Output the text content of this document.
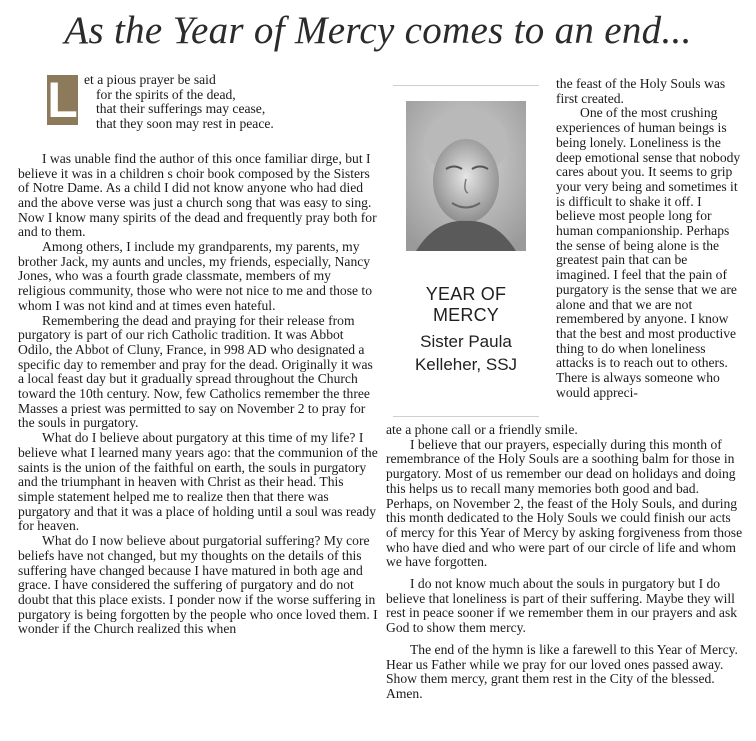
As the Year of Mercy comes to an end...
L et a pious prayer be said
for the spirits of the dead,
that their sufferings may cease,
that they soon may rest in peace.

I was unable find the author of this once familiar dirge, but I believe it was in a children s choir book composed by the Sisters of Notre Dame. As a child I did not know anyone who had died and the above verse was just a church song that was easy to sing. Now I know many spirits of the dead and frequently pray both for and to them.

Among others, I include my grandparents, my parents, my brother Jack, my aunts and uncles, my friends, especially, Nancy Jones, who was a fourth grade classmate, members of my religious community, those who were not nice to me and those to whom I was not kind and at times even hateful.

Remembering the dead and praying for their release from purgatory is part of our rich Catholic tradition. It was Abbot Odilo, the Abbot of Cluny, France, in 998 AD who designated a specific day to remember and pray for the dead. Originally it was a local feast day but it gradually spread throughout the Church toward the 10th century. Now, few Catholics remember the three Masses a priest was permitted to say on November 2 to pray for the souls in purgatory.

What do I believe about purgatory at this time of my life? I believe what I learned many years ago: that the communion of the saints is the union of the faithful on earth, the souls in purgatory and the triumphant in heaven with Christ as their head. This simple statement helped me to realize then that there was purgatory and that it was a place of holding until a soul was ready for heaven.

What do I now believe about purgatorial suffering? My core beliefs have not changed, but my thoughts on the details of this suffering have changed because I have matured in both age and grace. I have considered the suffering of purgatory and do not doubt that this place exists. I ponder now if the worse suffering in purgatory is being forgotten by the people who once loved them. I wonder if the Church realized this when

YEAR OF MERCY
Sister Paula
Kelleher, SSJ

the feast of the Holy Souls was first created.

One of the most crushing experiences of human beings is being lonely. Loneliness is the deep emotional sense that nobody cares about you. It seems to grip your very being and sometimes it is difficult to shake it off. I believe most people long for human companionship. Perhaps the sense of being alone is the greatest pain that can be imagined. I feel that the pain of purgatory is the sense that we are alone and that we are not remembered by anyone. I know that the best and most productive thing to do when loneliness attacks is to reach out to others. There is always someone who would appreci-

ate a phone call or a friendly smile.

I believe that our prayers, especially during this month of remembrance of the Holy Souls are a soothing balm for those in purgatory. Most of us remember our dead on holidays and doing this helps us to recall many memories both good and bad. Perhaps, on November 2, the feast of the Holy Souls, and during this month dedicated to the Holy Souls we could finish our acts of mercy for this Year of Mercy by asking forgiveness from those who have died and who were part of our circle of life and whom we have forgotten.

I do not know much about the souls in purgatory but I do believe that loneliness is part of their suffering. Maybe they will rest in peace sooner if we remember them in our prayers and ask God to show them mercy.

The end of the hymn is like a farewell to this Year of Mercy. Hear us Father while we pray for our loved ones passed away. Show them mercy, grant them rest in the City of the blessed. Amen.
